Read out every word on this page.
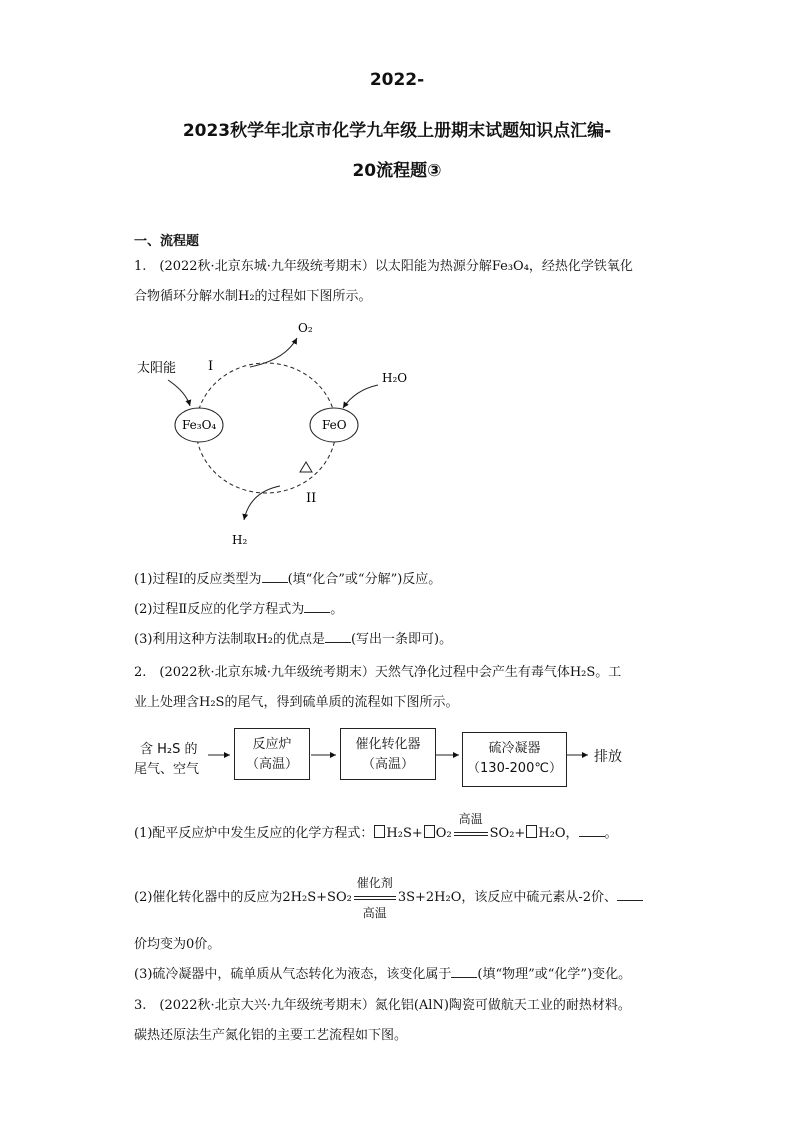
2022-
2023秋学年北京市化学九年级上册期末试题知识点汇编-
20流程题③
一、流程题
1.　(2022秋·北京东城·九年级统考期末）以太阳能为热源分解Fe₃O₄，经热化学铁氧化
合物循环分解水制H₂的过程如下图所示。
太阳能 I
O₂
H₂O
Fe₃O₄	FeO
II
H₂
(1)过程I的反应类型为 (填“化合”或“分解”)反应。
(2)过程Ⅱ反应的化学方程式为 。
(3)利用这种方法制取H₂的优点是 (写出一条即可)。
2.　(2022秋·北京东城·九年级统考期末）天然气净化过程中会产生有毒气体H₂S。工
业上处理含H₂S的尾气，得到硫单质的流程如下图所示。
含 H₂S 的
尾气、空气
反应炉
（高温）
催化转化器
（高温）
硫冷凝器
（130-200℃）
排放
(1)配平反应炉中发生反应的化学方程式： H₂S+ O₂
高温
SO₂+ H₂O， 。
(2)催化转化器中的反应为2H₂S+SO₂
催化剂
高温
3S+2H₂O，该反应中硫元素从-2价、
价均变为0价。
(3)硫冷凝器中，硫单质从气态转化为液态，该变化属于 (填“物理”或“化学”)变化。
3.　(2022秋·北京大兴·九年级统考期末）氮化铝(AlN)陶瓷可做航天工业的耐热材料。
碳热还原法生产氮化铝的主要工艺流程如下图。
